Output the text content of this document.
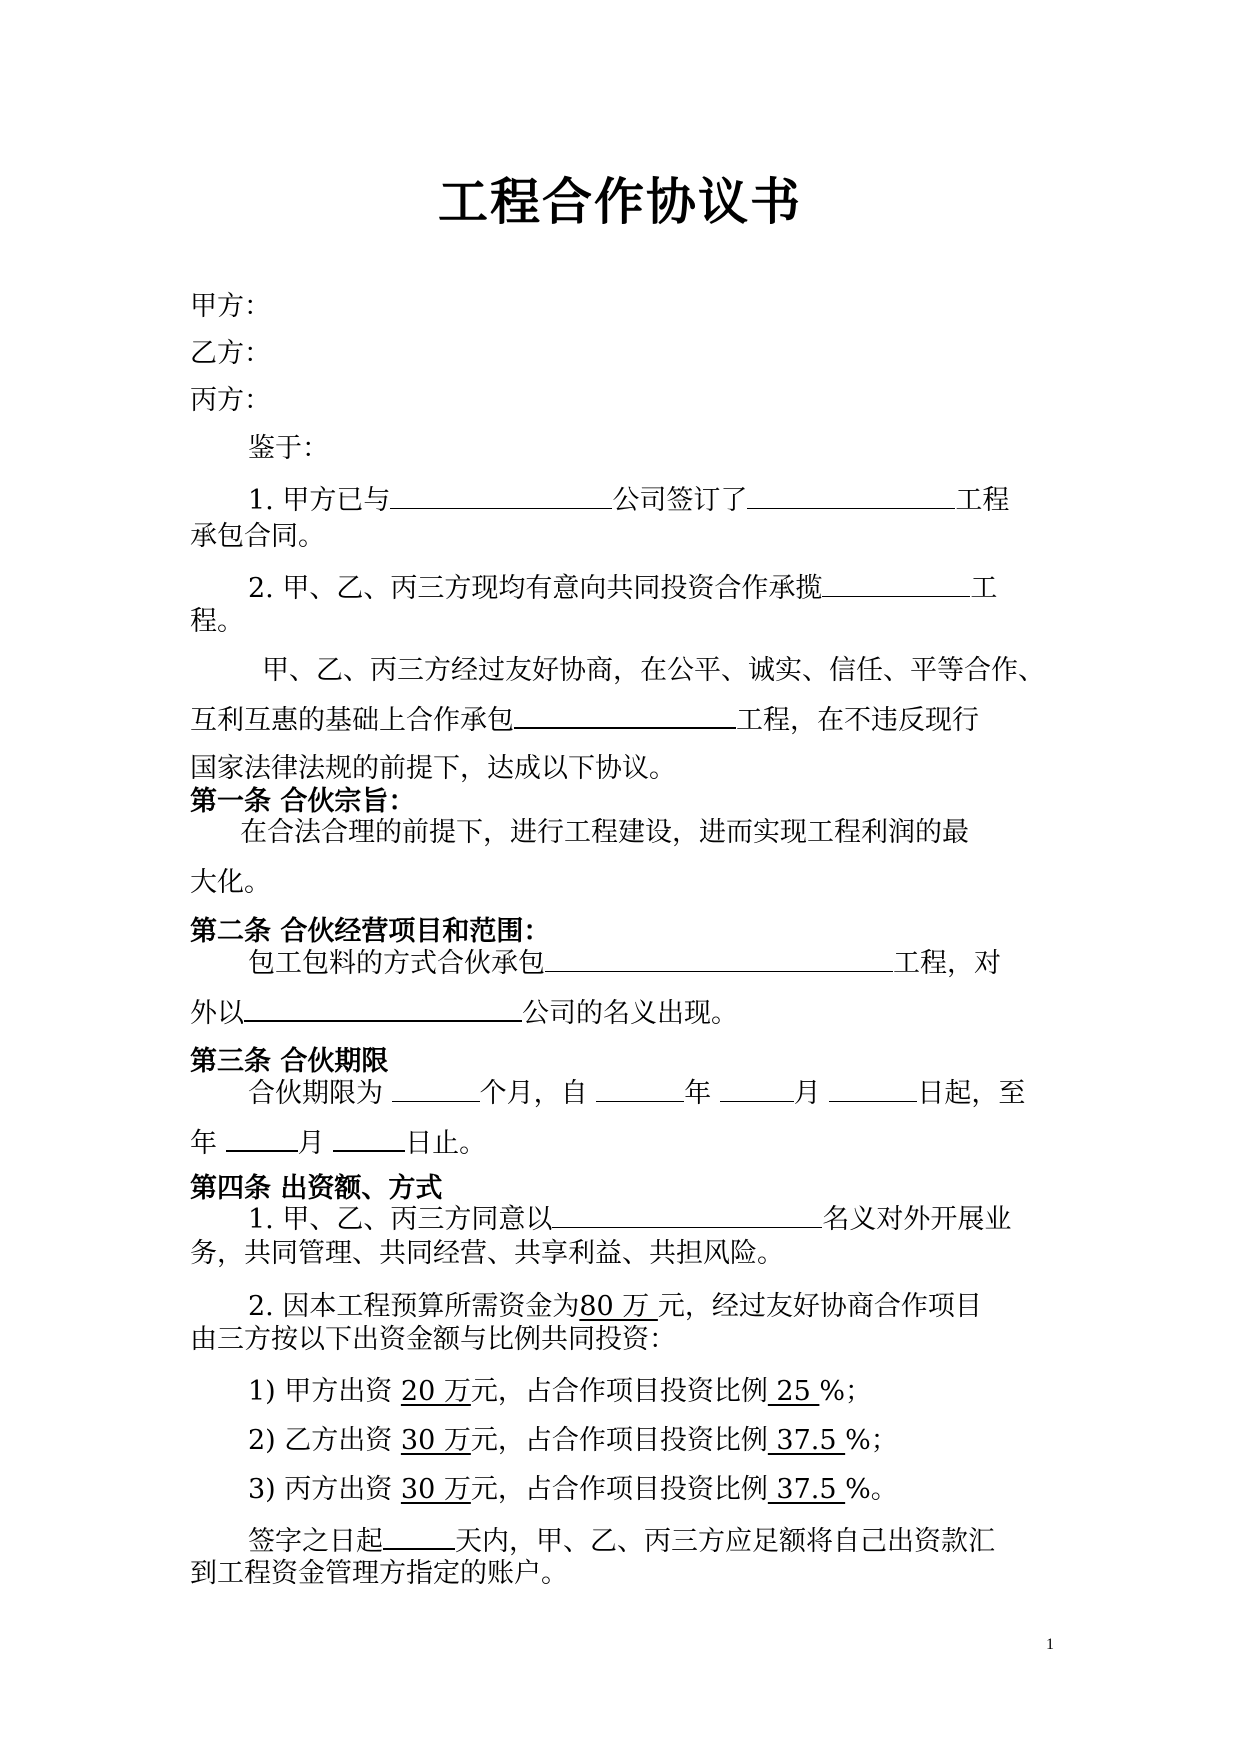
工程合作协议书
甲方：
乙方：
丙方：
鉴于：
1. 甲方已与	公司签订了	工程
承包合同。
2. 甲、乙、丙三方现均有意向共同投资合作承揽	工
程。
甲、乙、丙三方经过友好协商，在公平、诚实、信任、平等合作、
互利互惠的基础上合作承包	工程，在不违反现行
国家法律法规的前提下，达成以下协议。
第一条 合伙宗旨：
在合法合理的前提下，进行工程建设，进而实现工程利润的最
大化。
第二条 合伙经营项目和范围：
包工包料的方式合伙承包	工程，对
外以	公司的名义出现。
第三条 合伙期限
合伙期限为	个月，自	年	月	日起，至
年	月	日止。
第四条 出资额、方式
1. 甲、乙、丙三方同意以	名义对外开展业
务，共同管理、共同经营、共享利益、共担风险。
2. 因本工程预算所需资金为80 万 元，经过友好协商合作项目
由三方按以下出资金额与比例共同投资：
1) 甲方出资 20 万元，占合作项目投资比例 25 %；
2) 乙方出资 30 万元，占合作项目投资比例 37.5 %；
3) 丙方出资 30 万元，占合作项目投资比例 37.5 %。
签字之日起	天内，甲、乙、丙三方应足额将自己出资款汇
到工程资金管理方指定的账户。
1
